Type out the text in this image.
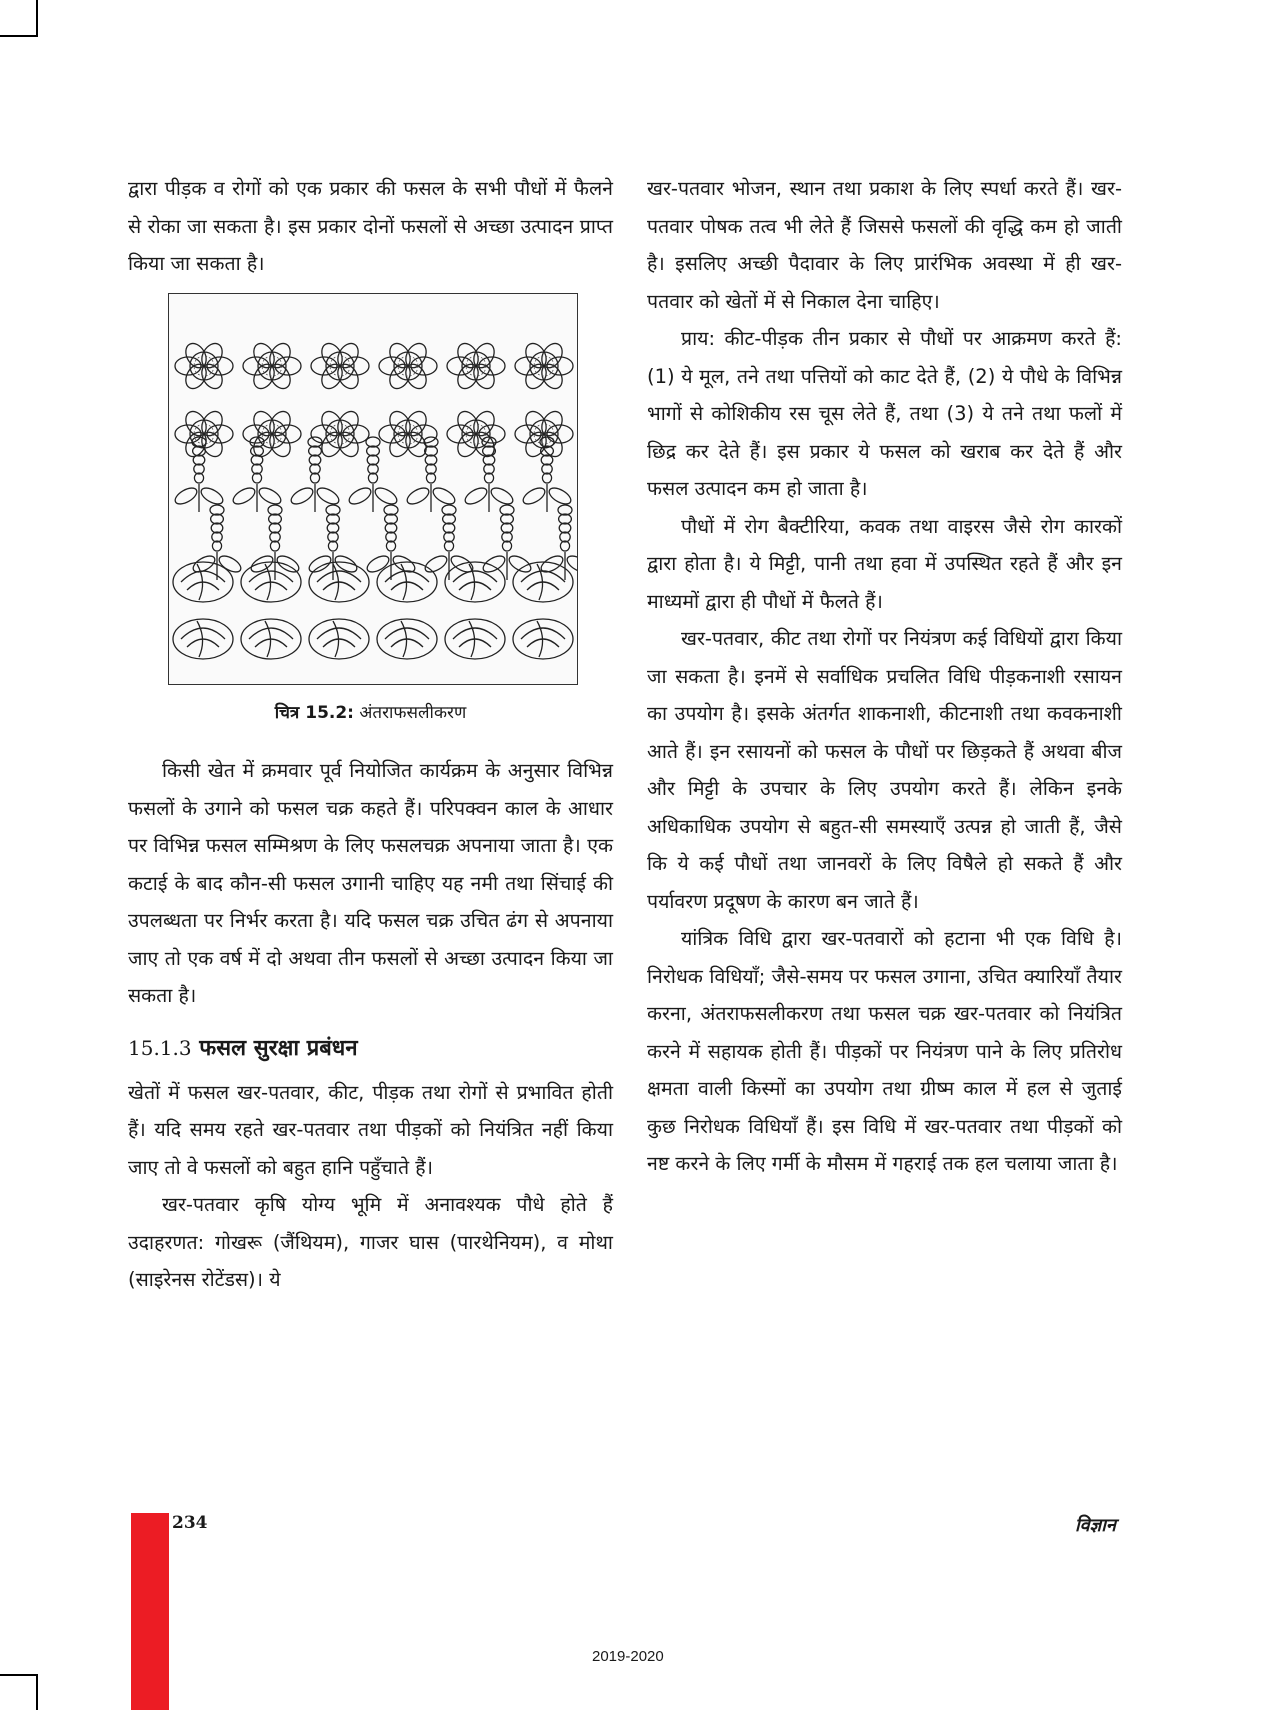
द्वारा पीड़क व रोगों को एक प्रकार की फसल के सभी पौधों में फैलने से रोका जा सकता है। इस प्रकार दोनों फसलों से अच्छा उत्पादन प्राप्त किया जा सकता है।

चित्र 15.2: अंतराफसलीकरण

किसी खेत में क्रमवार पूर्व नियोजित कार्यक्रम के अनुसार विभिन्न फसलों के उगाने को फसल चक्र कहते हैं। परिपक्वन काल के आधार पर विभिन्न फसल सम्मिश्रण के लिए फसलचक्र अपनाया जाता है। एक कटाई के बाद कौन-सी फसल उगानी चाहिए यह नमी तथा सिंचाई की उपलब्धता पर निर्भर करता है। यदि फसल चक्र उचित ढंग से अपनाया जाए तो एक वर्ष में दो अथवा तीन फसलों से अच्छा उत्पादन किया जा सकता है।

15.1.3 फसल सुरक्षा प्रबंधन

खेतों में फसल खर-पतवार, कीट, पीड़क तथा रोगों से प्रभावित होती हैं। यदि समय रहते खर-पतवार तथा पीड़कों को नियंत्रित नहीं किया जाए तो वे फसलों को बहुत हानि पहुँचाते हैं।

खर-पतवार कृषि योग्य भूमि में अनावश्यक पौधे होते हैं उदाहरणत: गोखरू (जैंथियम), गाजर घास (पारथेनियम), व मोथा (साइरेनस रोटेंडस)। ये

खर-पतवार भोजन, स्थान तथा प्रकाश के लिए स्पर्धा करते हैं। खर-पतवार पोषक तत्व भी लेते हैं जिससे फसलों की वृद्धि कम हो जाती है। इसलिए अच्छी पैदावार के लिए प्रारंभिक अवस्था में ही खर-पतवार को खेतों में से निकाल देना चाहिए।

प्राय: कीट-पीड़क तीन प्रकार से पौधों पर आक्रमण करते हैं: (1) ये मूल, तने तथा पत्तियों को काट देते हैं, (2) ये पौधे के विभिन्न भागों से कोशिकीय रस चूस लेते हैं, तथा (3) ये तने तथा फलों में छिद्र कर देते हैं। इस प्रकार ये फसल को खराब कर देते हैं और फसल उत्पादन कम हो जाता है।

पौधों में रोग बैक्टीरिया, कवक तथा वाइरस जैसे रोग कारकों द्वारा होता है। ये मिट्टी, पानी तथा हवा में उपस्थित रहते हैं और इन माध्यमों द्वारा ही पौधों में फैलते हैं।

खर-पतवार, कीट तथा रोगों पर नियंत्रण कई विधियों द्वारा किया जा सकता है। इनमें से सर्वाधिक प्रचलित विधि पीड़कनाशी रसायन का उपयोग है। इसके अंतर्गत शाकनाशी, कीटनाशी तथा कवकनाशी आते हैं। इन रसायनों को फसल के पौधों पर छिड़कते हैं अथवा बीज और मिट्टी के उपचार के लिए उपयोग करते हैं। लेकिन इनके अधिकाधिक उपयोग से बहुत-सी समस्याएँ उत्पन्न हो जाती हैं, जैसे कि ये कई पौधों तथा जानवरों के लिए विषैले हो सकते हैं और पर्यावरण प्रदूषण के कारण बन जाते हैं।

यांत्रिक विधि द्वारा खर-पतवारों को हटाना भी एक विधि है। निरोधक विधियाँ; जैसे-समय पर फसल उगाना, उचित क्यारियाँ तैयार करना, अंतराफसलीकरण तथा फसल चक्र खर-पतवार को नियंत्रित करने में सहायक होती हैं। पीड़कों पर नियंत्रण पाने के लिए प्रतिरोध क्षमता वाली किस्मों का उपयोग तथा ग्रीष्म काल में हल से जुताई कुछ निरोधक विधियाँ हैं। इस विधि में खर-पतवार तथा पीड़कों को नष्ट करने के लिए गर्मी के मौसम में गहराई तक हल चलाया जाता है।

234	विज्ञान
2019-2020
